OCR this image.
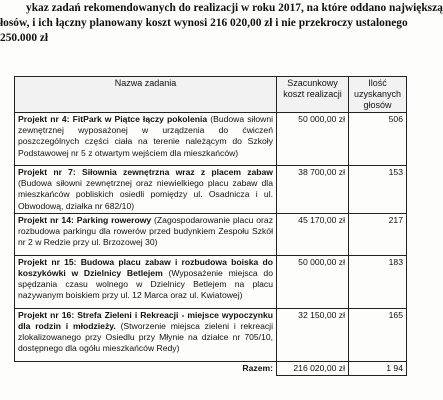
ykaz zadań rekomendowanych do realizacji w roku 2017, na które oddano największą
łosów, i ich łączny planowany koszt wynosi 216 020,00 zł i nie przekroczy ustalonego
250.000 zł
Nazwa zadania	Szacunkowy koszt realizacji	Ilość uzyskanych głosów
Projekt nr 4: FitPark w Piątce łączy pokolenia (Budowa siłowni zewnętrznej wyposażonej w urządzenia do ćwiczeń poszczególnych części ciała na terenie należącym do Szkoły Podstawowej nr 5 z otwartym wejściem dla mieszkańców)	50 000,00 zł	506
Projekt nr 7: Siłownia zewnętrzna wraz z placem zabaw (Budowa siłowni zewnętrznej oraz niewielkiego placu zabaw dla mieszkańców pobliskich osiedli pomiędzy ul. Osadnicza i ul. Obwodową, działka nr 682/10)	38 700,00 zł	153
Projekt nr 14: Parking rowerowy (Zagospodarowanie placu oraz rozbudowa parkingu dla rowerów przed budynkiem Zespołu Szkół nr 2 w Redzie przy ul. Brzozowej 30)	45 170,00 zł	217
Projekt nr 15: Budowa placu zabaw i rozbudowa boiska do koszykówki w Dzielnicy Betlejem (Wyposażenie miejsca do spędzania czasu wolnego w Dzielnicy Betlejem na placu nazywanym boiskiem przy ul. 12 Marca oraz ul. Kwiatowej)	50 000,00 zł	183
Projekt nr 16: Strefa Zieleni i Rekreacji - miejsce wypoczynku dla rodzin i młodzieży. (Stworzenie miejsca zieleni i rekreacji zlokalizowanego przy Osiedlu przy Młynie na działce nr 705/10, dostępnego dla ogółu mieszkańców Redy)	32 150,00 zł	165
Razem:	216 020,00 zł	1 94
